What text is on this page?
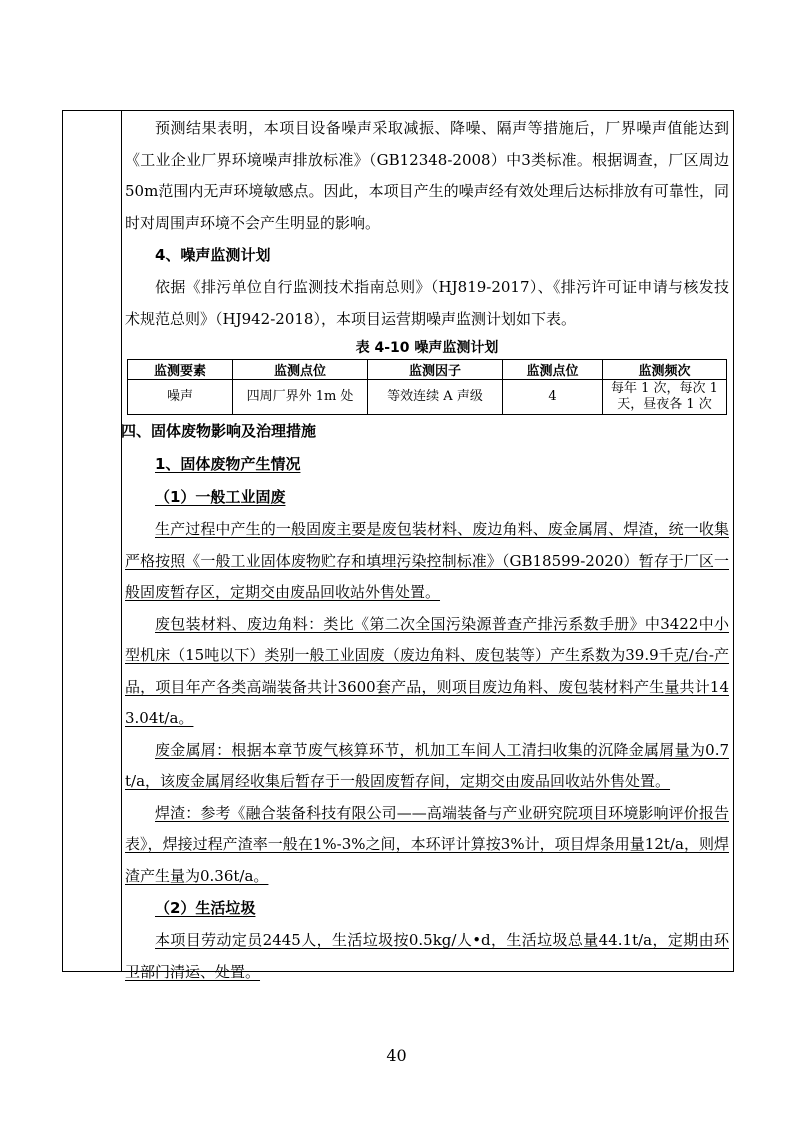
预测结果表明，本项目设备噪声采取减振、降噪、隔声等措施后，厂界噪声值能达到《工业企业厂界环境噪声排放标准》（GB12348-2008）中3类标准。根据调查，厂区周边50m范围内无声环境敏感点。因此，本项目产生的噪声经有效处理后达标排放有可靠性，同时对周围声环境不会产生明显的影响。

4、噪声监测计划

依据《排污单位自行监测技术指南总则》（HJ819-2017）、《排污许可证申请与核发技术规范总则》（HJ942-2018），本项目运营期噪声监测计划如下表。

表 4-10 噪声监测计划

监测要素	监测点位	监测因子	监测点位	监测频次
噪声	四周厂界外 1m 处	等效连续 A 声级	4	每年 1 次，每次 1 天，昼夜各 1 次

四、固体废物影响及治理措施

1、固体废物产生情况

（1）一般工业固废

生产过程中产生的一般固废主要是废包装材料、废边角料、废金属屑、焊渣，统一收集严格按照《一般工业固体废物贮存和填埋污染控制标准》（GB18599-2020）暂存于厂区一般固废暂存区，定期交由废品回收站外售处置。

废包装材料、废边角料：类比《第二次全国污染源普查产排污系数手册》中3422中小型机床（15吨以下）类别一般工业固废（废边角料、废包装等）产生系数为39.9千克/台-产品，项目年产各类高端装备共计3600套产品，则项目废边角料、废包装材料产生量共计143.04t/a。

废金属屑：根据本章节废气核算环节，机加工车间人工清扫收集的沉降金属屑量为0.7t/a，该废金属屑经收集后暂存于一般固废暂存间，定期交由废品回收站外售处置。

焊渣：参考《融合装备科技有限公司——高端装备与产业研究院项目环境影响评价报告表》，焊接过程产渣率一般在1%-3%之间，本环评计算按3%计，项目焊条用量12t/a，则焊渣产生量为0.36t/a。

（2）生活垃圾

本项目劳动定员2445人，生活垃圾按0.5kg/人•d，生活垃圾总量44.1t/a，定期由环卫部门清运、处置。

40
